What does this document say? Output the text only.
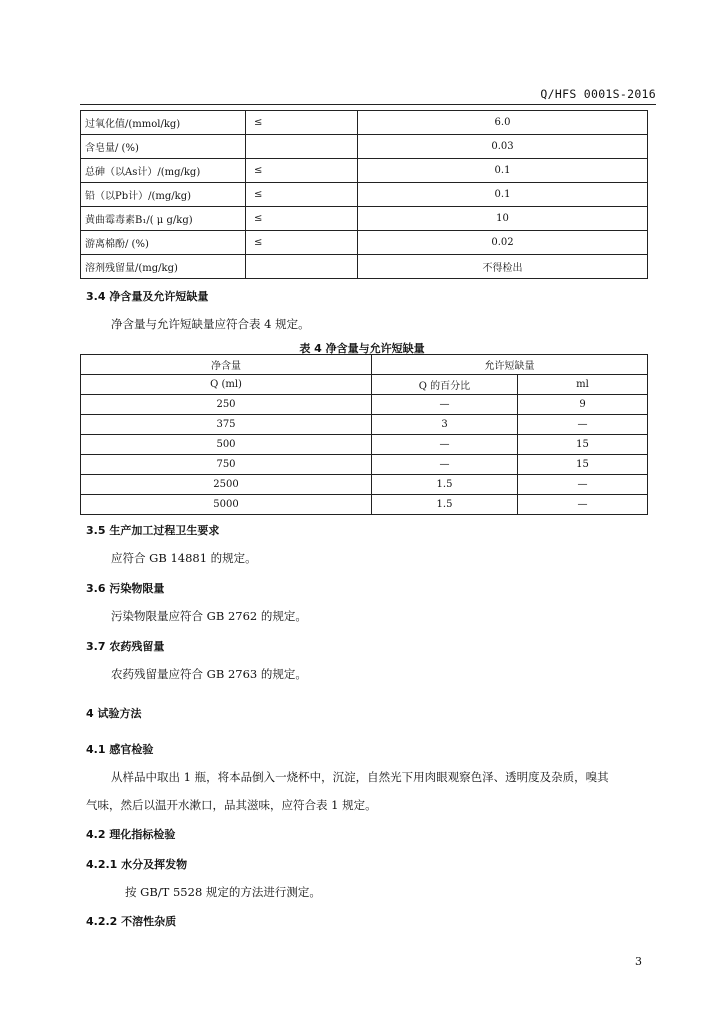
Q/HFS 0001S-2016
过氧化值/(mmol/kg)	≤	6.0
含皂量/ (%)		0.03
总砷（以As计）/(mg/kg)	≤	0.1
铅（以Pb计）/(mg/kg)	≤	0.1
黄曲霉毒素B₁/( μ g/kg)	≤	10
游离棉酚/ (%)	≤	0.02
溶剂残留量/(mg/kg)		不得检出
3.4 净含量及允许短缺量
净含量与允许短缺量应符合表 4 规定。
表 4 净含量与允许短缺量
净含量	允许短缺量	
Q (ml)	Q 的百分比	ml
250	—	9
375	3	—
500	—	15
750	—	15
2500	1.5	—
5000	1.5	—
3.5 生产加工过程卫生要求
应符合 GB 14881 的规定。
3.6 污染物限量
污染物限量应符合 GB 2762 的规定。
3.7 农药残留量
农药残留量应符合 GB 2763 的规定。
4 试验方法
4.1 感官检验
从样品中取出 1 瓶，将本品倒入一烧杯中，沉淀，自然光下用肉眼观察色泽、透明度及杂质，嗅其
气味，然后以温开水漱口，品其滋味，应符合表 1 规定。
4.2 理化指标检验
4.2.1 水分及挥发物
按 GB/T 5528 规定的方法进行测定。
4.2.2 不溶性杂质
3
